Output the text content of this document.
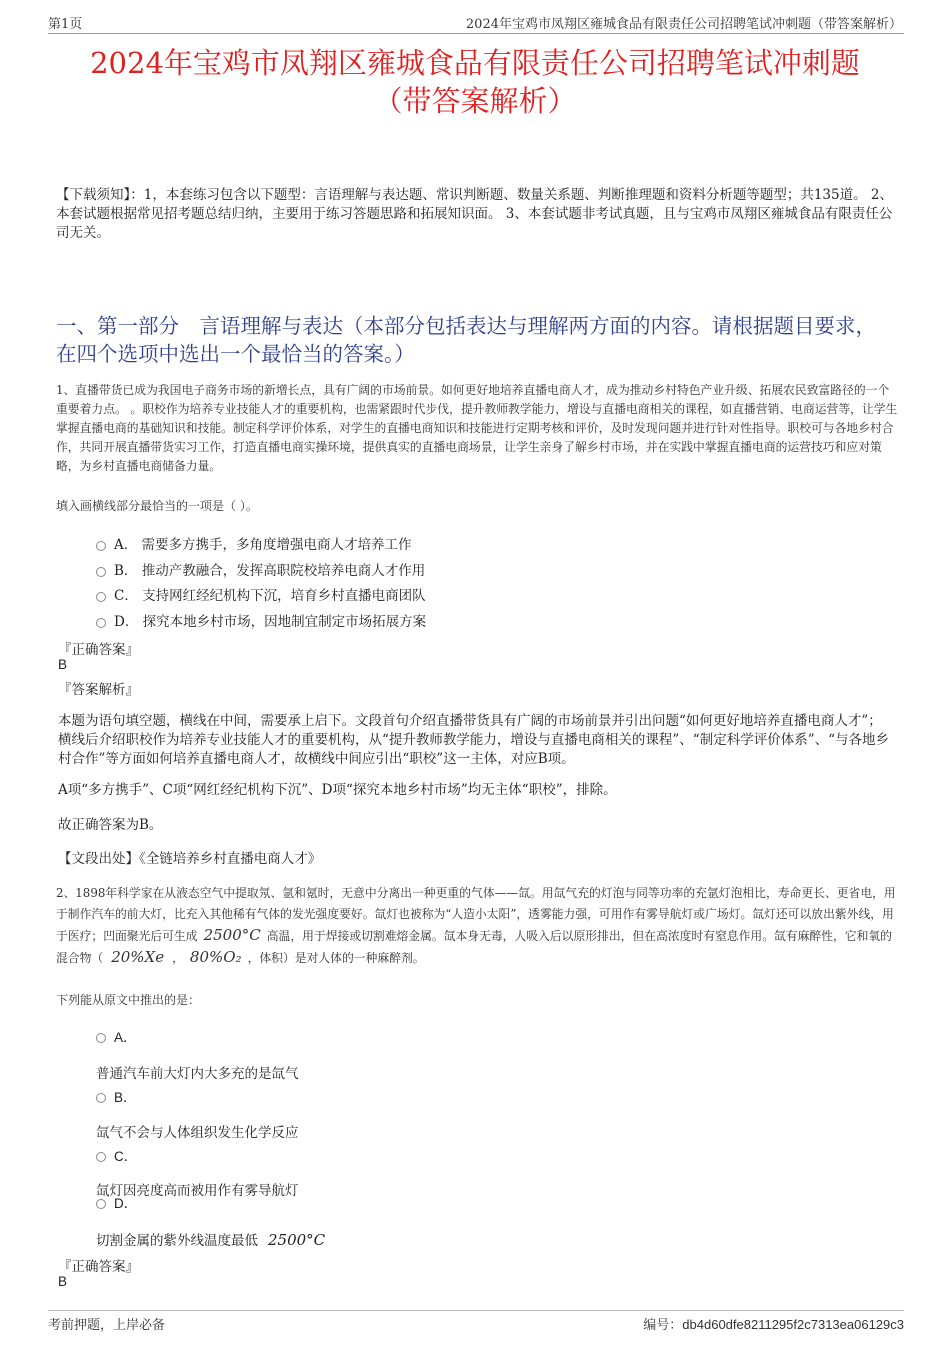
第1页	2024年宝鸡市凤翔区雍城食品有限责任公司招聘笔试冲刺题（带答案解析）
2024年宝鸡市凤翔区雍城食品有限责任公司招聘笔试冲刺题
（带答案解析）
【下载须知】：1，本套练习包含以下题型：言语理解与表达题、常识判断题、数量关系题、判断推理题和资料分析题等题型；共135道。 2、本套试题根据常见招考题总结归纳，主要用于练习答题思路和拓展知识面。 3、本套试题非考试真题，且与宝鸡市凤翔区雍城食品有限责任公司无关。
一、第一部分　言语理解与表达（本部分包括表达与理解两方面的内容。请根据题目要求，在四个选项中选出一个最恰当的答案。）
1、直播带货已成为我国电子商务市场的新增长点，具有广阔的市场前景。如何更好地培养直播电商人才，成为推动乡村特色产业升级、拓展农民致富路径的一个重要着力点。 。职校作为培养专业技能人才的重要机构，也需紧跟时代步伐，提升教师教学能力，增设与直播电商相关的课程，如直播营销、电商运营等，让学生掌握直播电商的基础知识和技能。制定科学评价体系，对学生的直播电商知识和技能进行定期考核和评价，及时发现问题并进行针对性指导。职校可与各地乡村合作，共同开展直播带货实习工作，打造直播电商实操环境，提供真实的直播电商场景，让学生亲身了解乡村市场，并在实践中掌握直播电商的运营技巧和应对策略，为乡村直播电商储备力量。
填入画横线部分最恰当的一项是（ ）。
A． 需要多方携手，多角度增强电商人才培养工作
B． 推动产教融合，发挥高职院校培养电商人才作用
C． 支持网红经纪机构下沉，培育乡村直播电商团队
D． 探究本地乡村市场，因地制宜制定市场拓展方案
『正确答案』
B
『答案解析』
本题为语句填空题，横线在中间，需要承上启下。文段首句介绍直播带货具有广阔的市场前景并引出问题“如何更好地培养直播电商人才”；横线后介绍职校作为培养专业技能人才的重要机构，从“提升教师教学能力，增设与直播电商相关的课程”、“制定科学评价体系”、“与各地乡村合作”等方面如何培养直播电商人才，故横线中间应引出“职校”这一主体，对应B项。
A项“多方携手”、C项“网红经纪机构下沉”、D项“探究本地乡村市场”均无主体“职校”，排除。
故正确答案为B。
【文段出处】《全链培养乡村直播电商人才》
2、1898年科学家在从液态空气中提取氖、氩和氪时，无意中分离出一种更重的气体——氙。用氙气充的灯泡与同等功率的充氩灯泡相比，寿命更长、更省电，用于制作汽车的前大灯，比充入其他稀有气体的发光强度要好。氙灯也被称为“人造小太阳”，透雾能力强，可用作有雾导航灯或广场灯。氙灯还可以放出紫外线，用于医疗；凹面聚光后可生成 2500°C 高温，用于焊接或切割难熔金属。氙本身无毒，人吸入后以原形排出，但在高浓度时有窒息作用。氙有麻醉性，它和氧的混合物（ 20%Xe ， 80%O₂ ，体积）是对人体的一种麻醉剂。
下列能从原文中推出的是：
A．
普通汽车前大灯内大多充的是氙气
B．
氙气不会与人体组织发生化学反应
C．
氙灯因亮度高而被用作有雾导航灯
D．
切割金属的紫外线温度最低 2500°C
『正确答案』
B
考前押题，上岸必备	编号：db4d60dfe8211295f2c7313ea06129c3
